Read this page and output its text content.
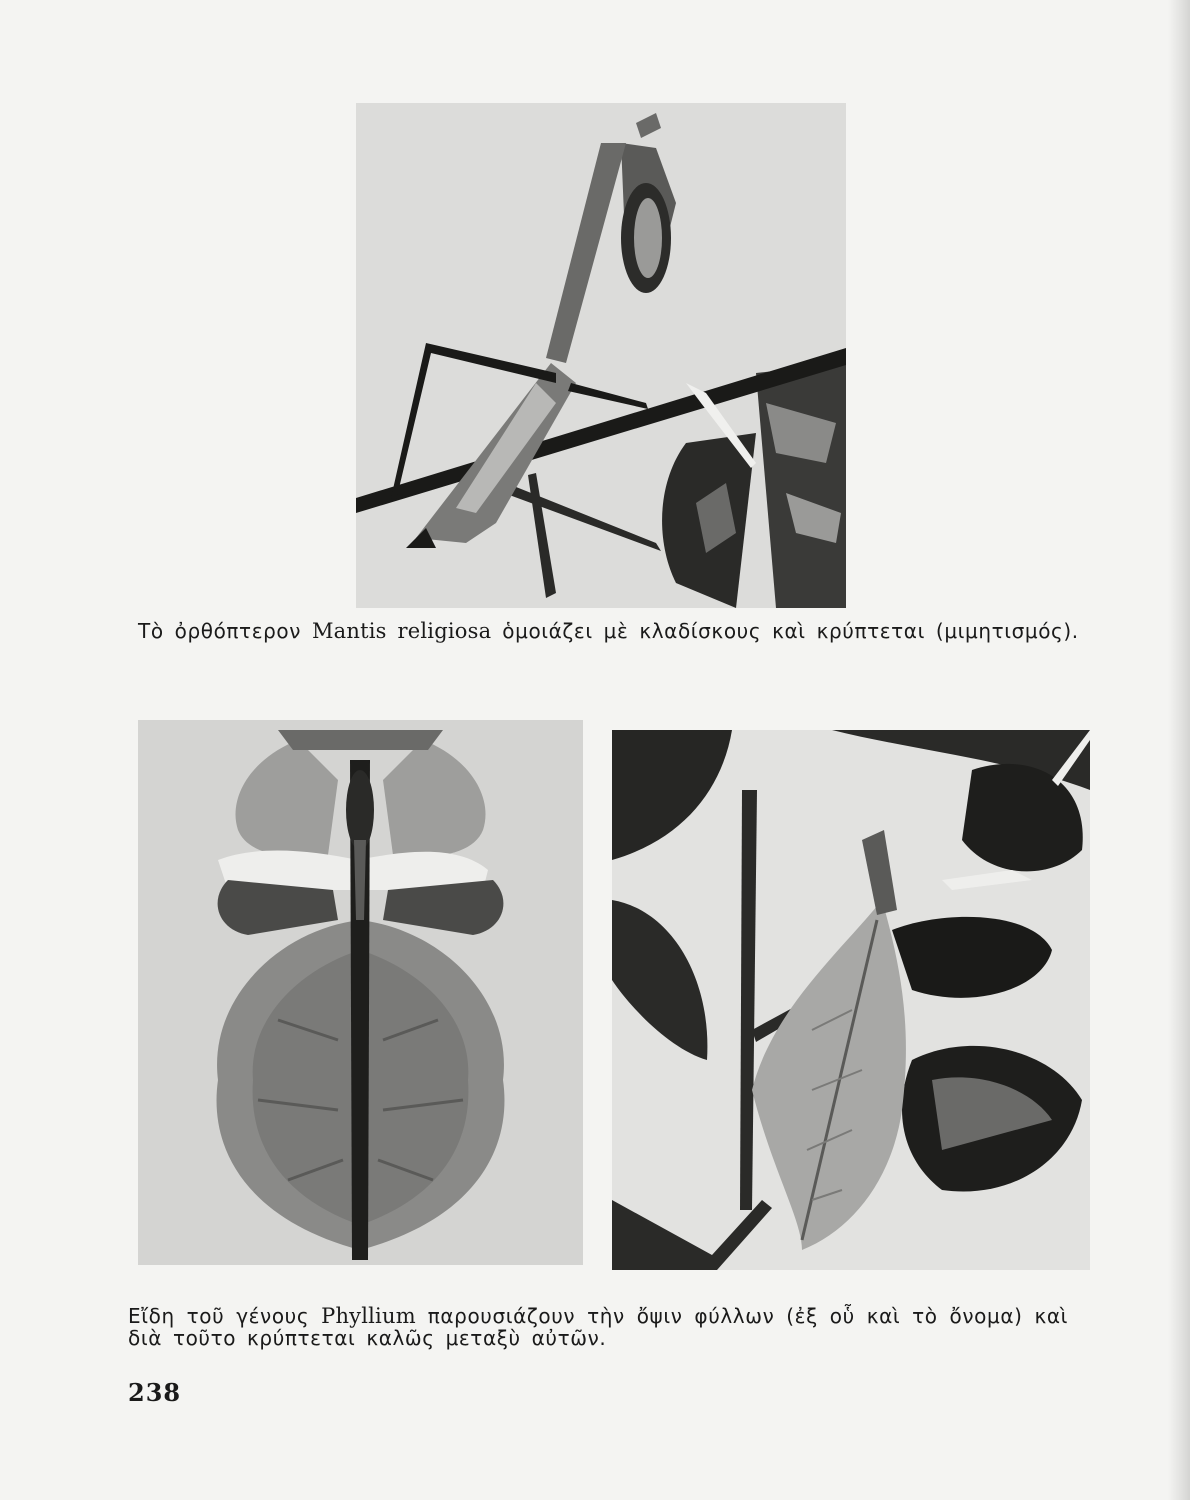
Τὸ ὀρθόπτερον Mantis religiosa ὁμοιάζει μὲ κλαδίσκους καὶ κρύπτεται (μιμητισμός).
Εἴδη τοῦ γένους Phyllium παρουσιάζουν τὴν ὄψιν φύλλων (ἐξ οὗ καὶ τὸ ὄνομα) καὶ διὰ τοῦτο κρύπτεται καλῶς μεταξὺ αὐτῶν.
238
